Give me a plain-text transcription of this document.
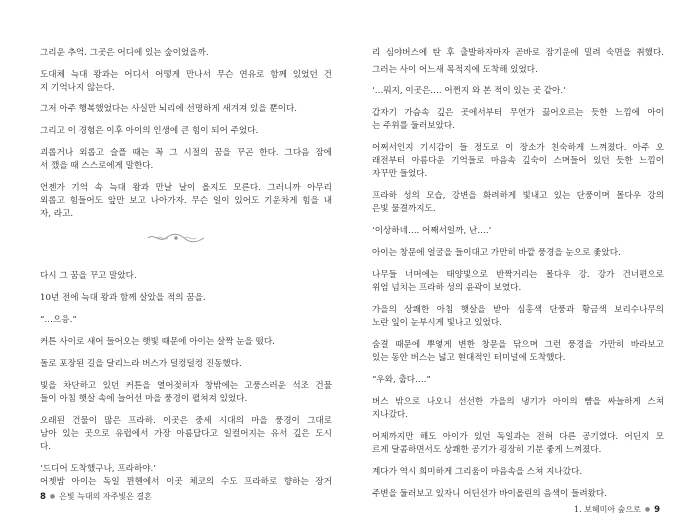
그리운 추억. 그곳은 어디에 있는 숲이었을까.
도대체 늑대 왕과는 어디서 어떻게 만나서 무슨 연유로 함께 있었던 건
지 기억나지 않는다.
그저 아주 행복했었다는 사실만 뇌리에 선명하게 새겨져 있을 뿐이다.
그리고 이 경험은 이후 아이의 인생에 큰 힘이 되어 주었다.
괴롭거나 외롭고 슬플 때는 꼭 그 시절의 꿈을 꾸곤 한다. 그다음 잠에
서 깼을 때 스스로에게 말한다.
언젠가 기억 속 늑대 왕과 만날 날이 올지도 모른다. 그러니까 아무리
외롭고 힘들어도 앞만 보고 나아가자. 무슨 일이 있어도 기운차게 힘을 내
자, 라고.
다시 그 꿈을 꾸고 말았다.
10년 전에 늑대 왕과 함께 살았을 적의 꿈을.
“…으응.”
커튼 사이로 새어 들어오는 햇빛 때문에 아이는 살짝 눈을 떴다.
돌로 포장된 길을 달리느라 버스가 덜컹덜컹 진동했다.
빛을 차단하고 있던 커튼을 열어젖히자 창밖에는 고풍스러운 석조 건물
들이 아침 햇살 속에 늘어선 마을 풍경이 펼쳐져 있었다.
오래된 건물이 많은 프라하. 이곳은 중세 시대의 마을 풍경이 그대로
남아 있는 곳으로 유럽에서 가장 아름답다고 일컬어지는 유서 깊은 도시
다.
‘드디어 도착했구나, 프라하야.’
어젯밤 아이는 독일 뮌헨에서 이곳 체코의 수도 프라하로 향하는 장거
8 ● 은빛 늑대의 자주빛은 결혼
리 심야버스에 탄 후 출발하자마자 곧바로 잠기운에 밀려 숙면을 취했다.
그러는 사이 어느새 목적지에 도착해 있었다.
‘…뭐지, 이곳은…. 어쩐지 와 본 적이 있는 곳 같아.’
갑자기 가슴속 깊은 곳에서부터 무언가 끓어오르는 듯한 느낌에 아이
는 주위를 둘러보았다.
어쩌서인지 기시감이 들 정도로 이 장소가 친숙하게 느껴졌다. 아주 오
래전부터 아름다운 기억들로 마음속 깊숙이 스며들어 있던 듯한 느낌이
자꾸만 들었다.
프라하 성의 모습, 강변을 화려하게 빛내고 있는 단풍이며 몰다우 강의
은빛 물결까지도.
‘이상하네…. 어째서일까, 난….’
아이는 창문에 얼굴을 들이대고 가만히 바깥 풍경을 눈으로 좇았다.
나무들 너머에는 태양빛으로 반짝거리는 몰다우 강. 강가 건너편으로
위엄 넘치는 프라하 성의 윤곽이 보였다.
가을의 상쾌한 아침 햇살을 받아 심홍색 단풍과 황금색 보리수나무의
노란 잎이 눈부시게 빛나고 있었다.
숨결 때문에 뿌옇게 변한 창문을 닦으며 그런 풍경을 가만히 바라보고
있는 동안 버스는 넓고 현대적인 터미널에 도착했다.
“우와, 춥다….”
버스 밖으로 나오니 선선한 가을의 냉기가 아이의 뺨을 싸늘하게 스쳐
지나갔다.
어제까지만 해도 아이가 있던 독일과는 전혀 다른 공기였다. 어딘지 모
르게 달콤하면서도 상쾌한 공기가 굉장히 기분 좋게 느껴졌다.
계다가 역시 희미하게 그리움이 마음속을 스쳐 지나갔다.
주변을 둘러보고 있자니 어딘선가 바이올린의 음색이 들려왔다.
1. 보헤미아 숲으로 ● 9
